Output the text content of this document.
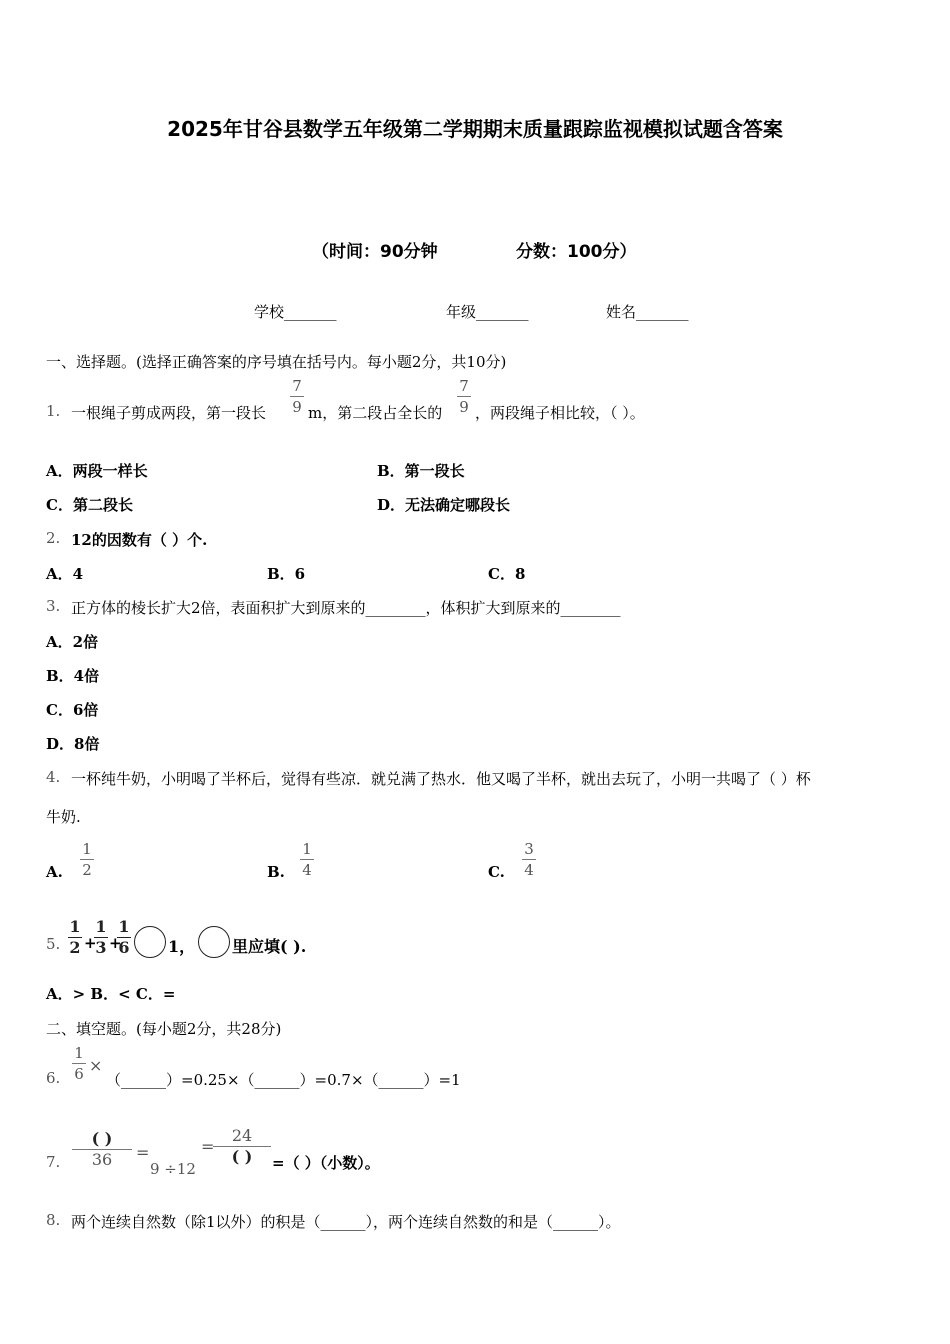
2025年甘谷县数学五年级第二学期期末质量跟踪监视模拟试题含答案
（时间：90分钟	分数：100分）
学校_______	年级_______	姓名_______
一、选择题。(选择正确答案的序号填在括号内。每小题2分，共10分)
1. 一根绳子剪成两段，第一段长
7
9 m，第二段占全长的
7
9 ，两段绳子相比较，（ ）。
A．两段一样长	B．第一段长
C．第二段长	D．无法确定哪段长
2. 12的因数有（ ）个.
A．4	B．6	C．8
3. 正方体的棱长扩大2倍，表面积扩大到原来的________，体积扩大到原来的________
A．2倍
B．4倍
C．6倍
D．8倍
4. 一杯纯牛奶，小明喝了半杯后，觉得有些凉．就兑满了热水．他又喝了半杯，就出去玩了，小明一共喝了（ ）杯
牛奶.
A.
1
2	B.
1
4	C.
3
4
5.
1
2 +
1
3 +
1
6 1， 里应填( ).
A．> B．< C．=
二、填空题。(每小题2分，共28分)
6.
1
6 ×
（______）=0.25×（______）=0.7×（______）=1
7.
( )
36	=
9 ÷12
=
24
( )	=（ ）（小数）。
8. 两个连续自然数（除1以外）的积是（______），两个连续自然数的和是（______）。
